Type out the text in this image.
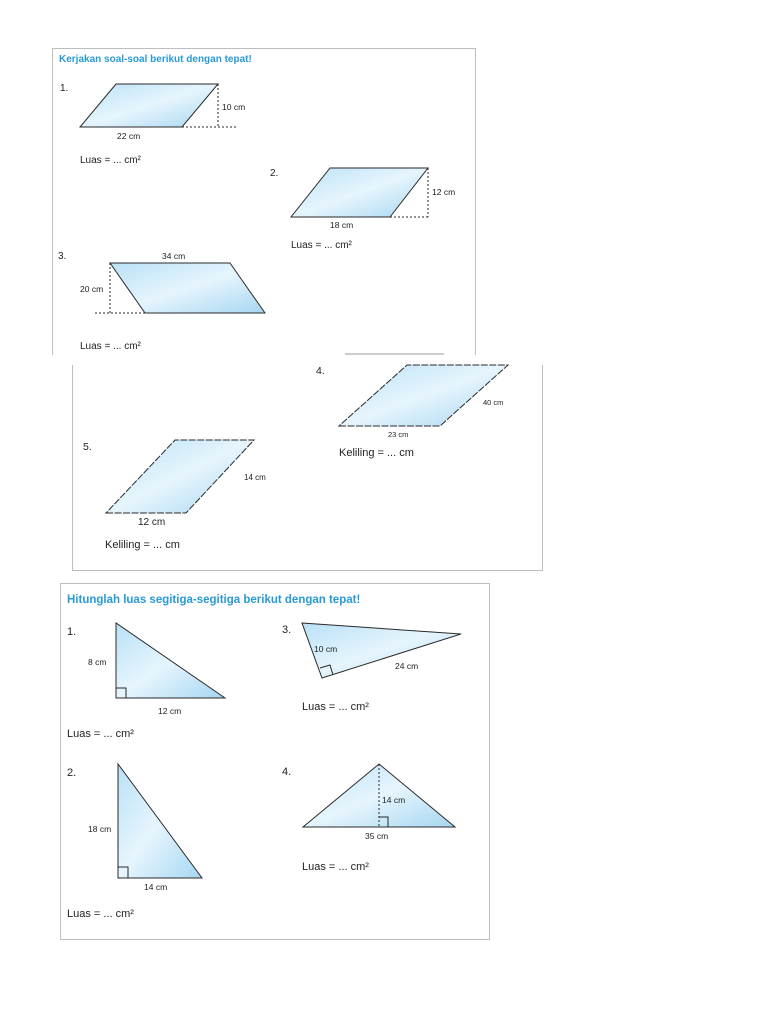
Kerjakan soal-soal berikut dengan tepat!
Hitunglah luas segitiga-segitiga berikut dengan tepat!
1.
10 cm
22 cm
Luas = ... cm²
2.
12 cm
18 cm
Luas = ... cm²
3.	34 cm
20 cm
Luas = ... cm²
4.
40 cm
23 cm
Keliling = ... cm
5.
14 cm
12 cm
Keliling = ... cm
1.
8 cm
12 cm
Luas = ... cm²
2.
18 cm
14 cm
Luas = ... cm²
3.
10 cm
24 cm
Luas = ... cm²
4.
14 cm
35 cm
Luas = ... cm²
